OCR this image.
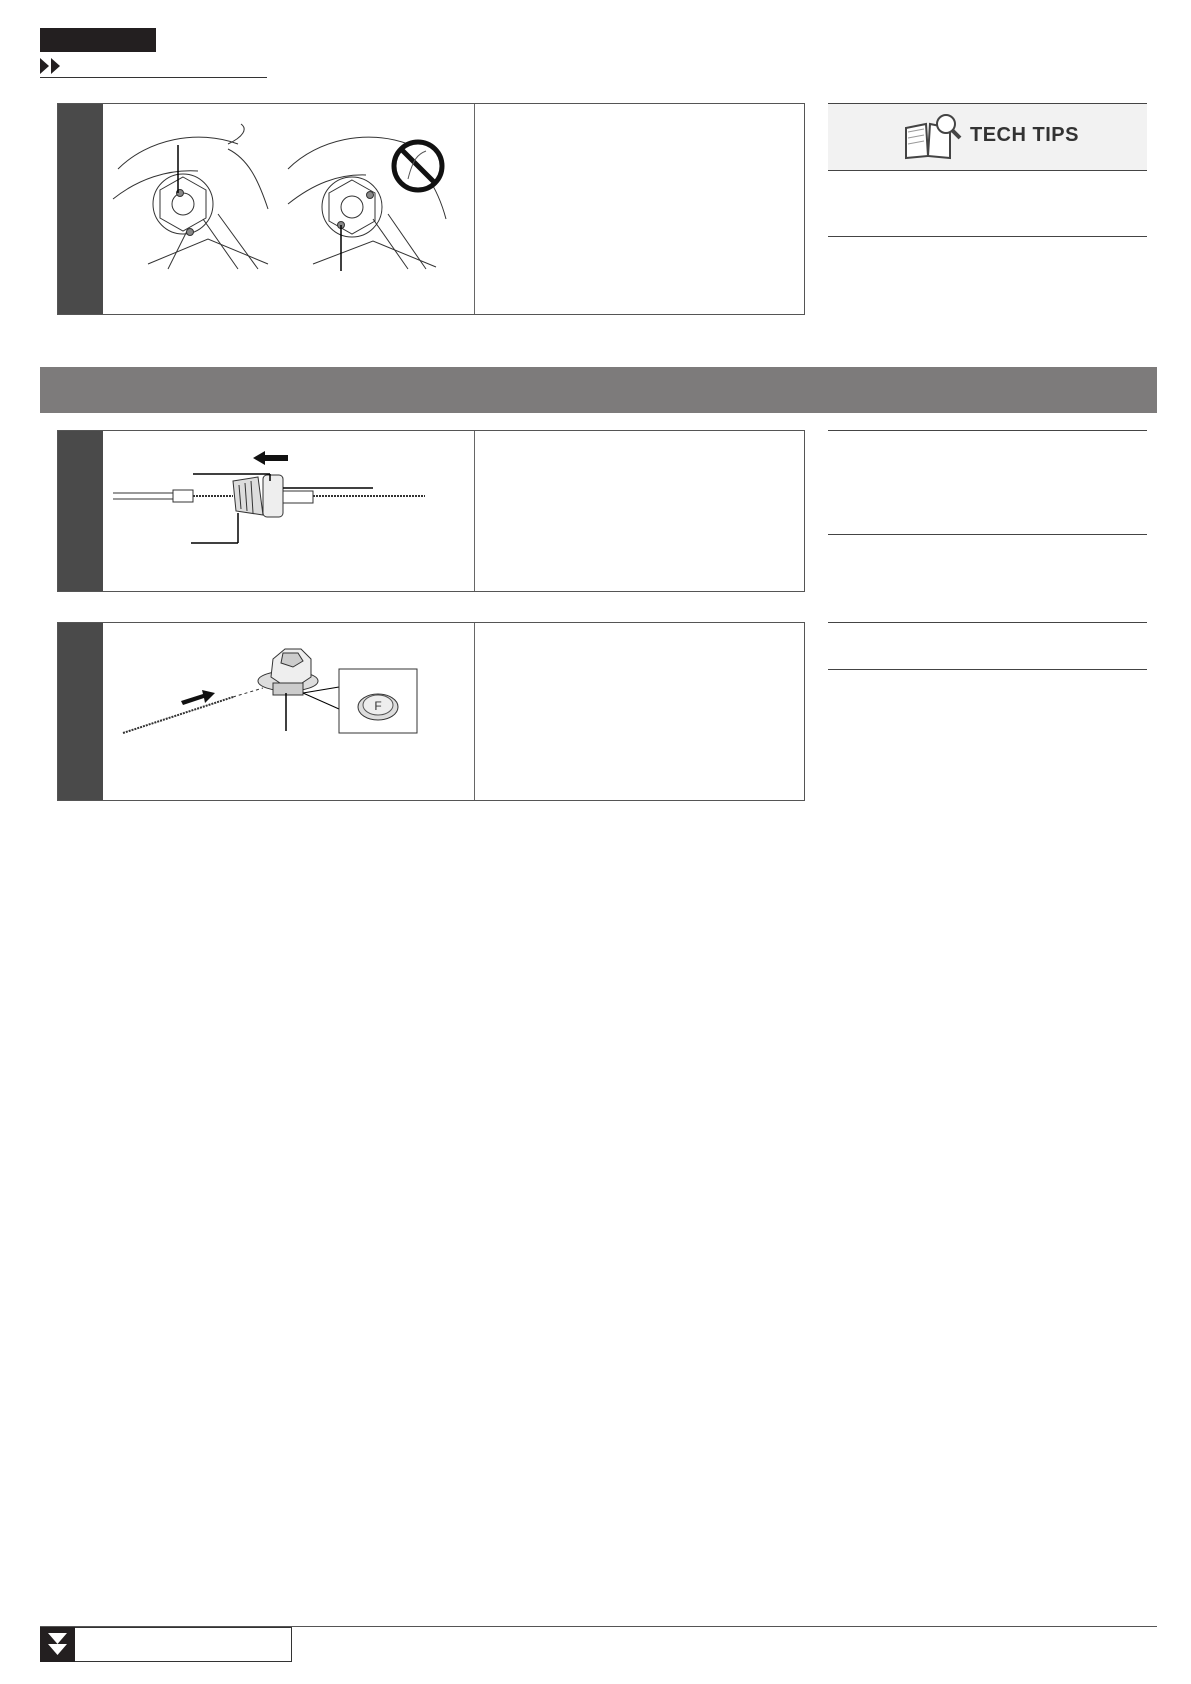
TECH TIPS
F
